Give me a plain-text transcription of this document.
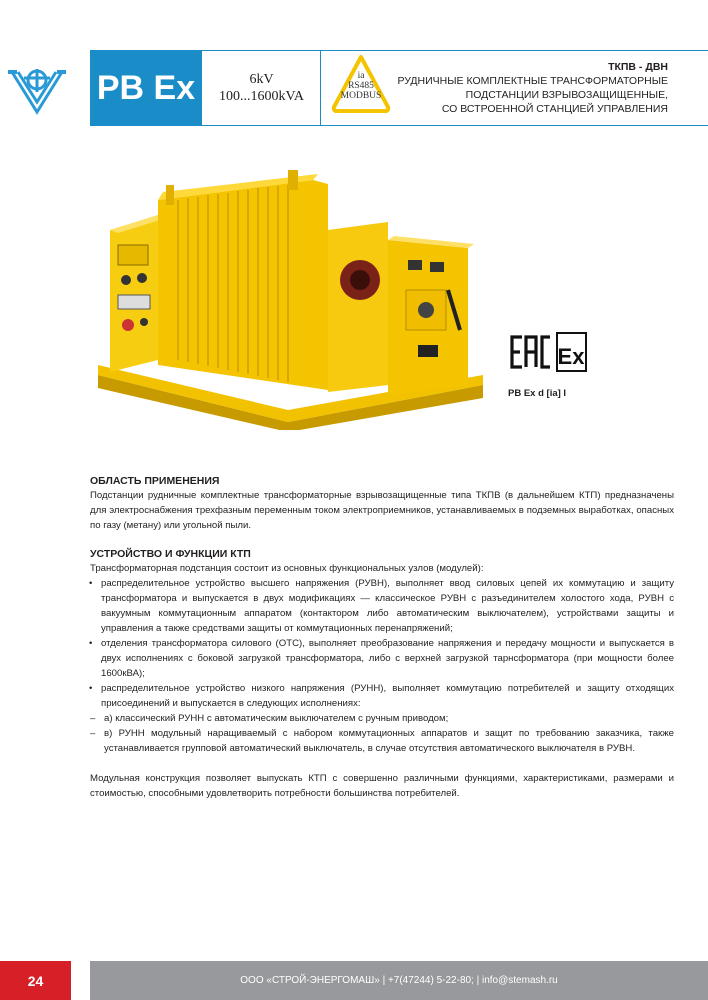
PB Ex	6kV
100...1600kVA
ia
RS485
MODBUS
ТКПВ - ДВН
РУДНИЧНЫЕ КОМПЛЕКТНЫЕ ТРАНСФОРМАТОРНЫЕ
ПОДСТАНЦИИ ВЗРЫВОЗАЩИЩЕННЫЕ,
СО ВСТРОЕННОЙ СТАНЦИЕЙ УПРАВЛЕНИЯ
Ex
PB Ex d [ia] I
ОБЛАСТЬ ПРИМЕНЕНИЯ

Подстанции рудничные комплектные трансформаторные взрывозащищенные типа ТКПВ (в дальнейшем КТП) предназначены для электроснабжения трехфазным переменным током электроприемников, устанавливаемых в подземных выработках, опасных по газу (метану) или угольной пыли.

УСТРОЙСТВО И ФУНКЦИИ КТП

Трансформаторная подстанция состоит из основных функциональных узлов (модулей):

• распределительное устройство высшего напряжения (РУВН), выполняет ввод силовых цепей их коммутацию и защиту трансформатора и выпускается в двух модификациях — классическое РУВН с разъединителем холостого хода, РУВН с вакуумным коммутационным аппаратом (контактором либо автоматическим выключателем), устройствами защиты и управления а также средствами защиты от коммутационных перенапряжений;
• отделения трансформатора силового (ОТС), выполняет преобразование напряжения и передачу мощности и выпускается в двух исполнениях с боковой загрузкой трансформатора, либо с верхней загрузкой тарнсформатора (при мощности более 1600кВА);
• распределительное устройство низкого напряжения (РУНН), выполняет коммутацию потребителей и защиту отходящих присоединений и выпускается в следующих исполнениях:
– а) классический РУНН с автоматическим выключателем с ручным приводом;
– в) РУНН модульный наращиваемый с набором коммутационных аппаратов и защит по требованию заказчика, также устанавливается групповой автоматический выключатель, в случае отсутствия автоматического выключателя в РУВН.

Модульная конструкция позволяет выпускать КТП с совершенно различными функциями, характеристиками, размерами и стоимостью, способными удовлетворить потребности большинства потребителей.

24	ООО «СТРОЙ-ЭНЕРГОМАШ» | +7(47244) 5-22-80; | info@stemash.ru
